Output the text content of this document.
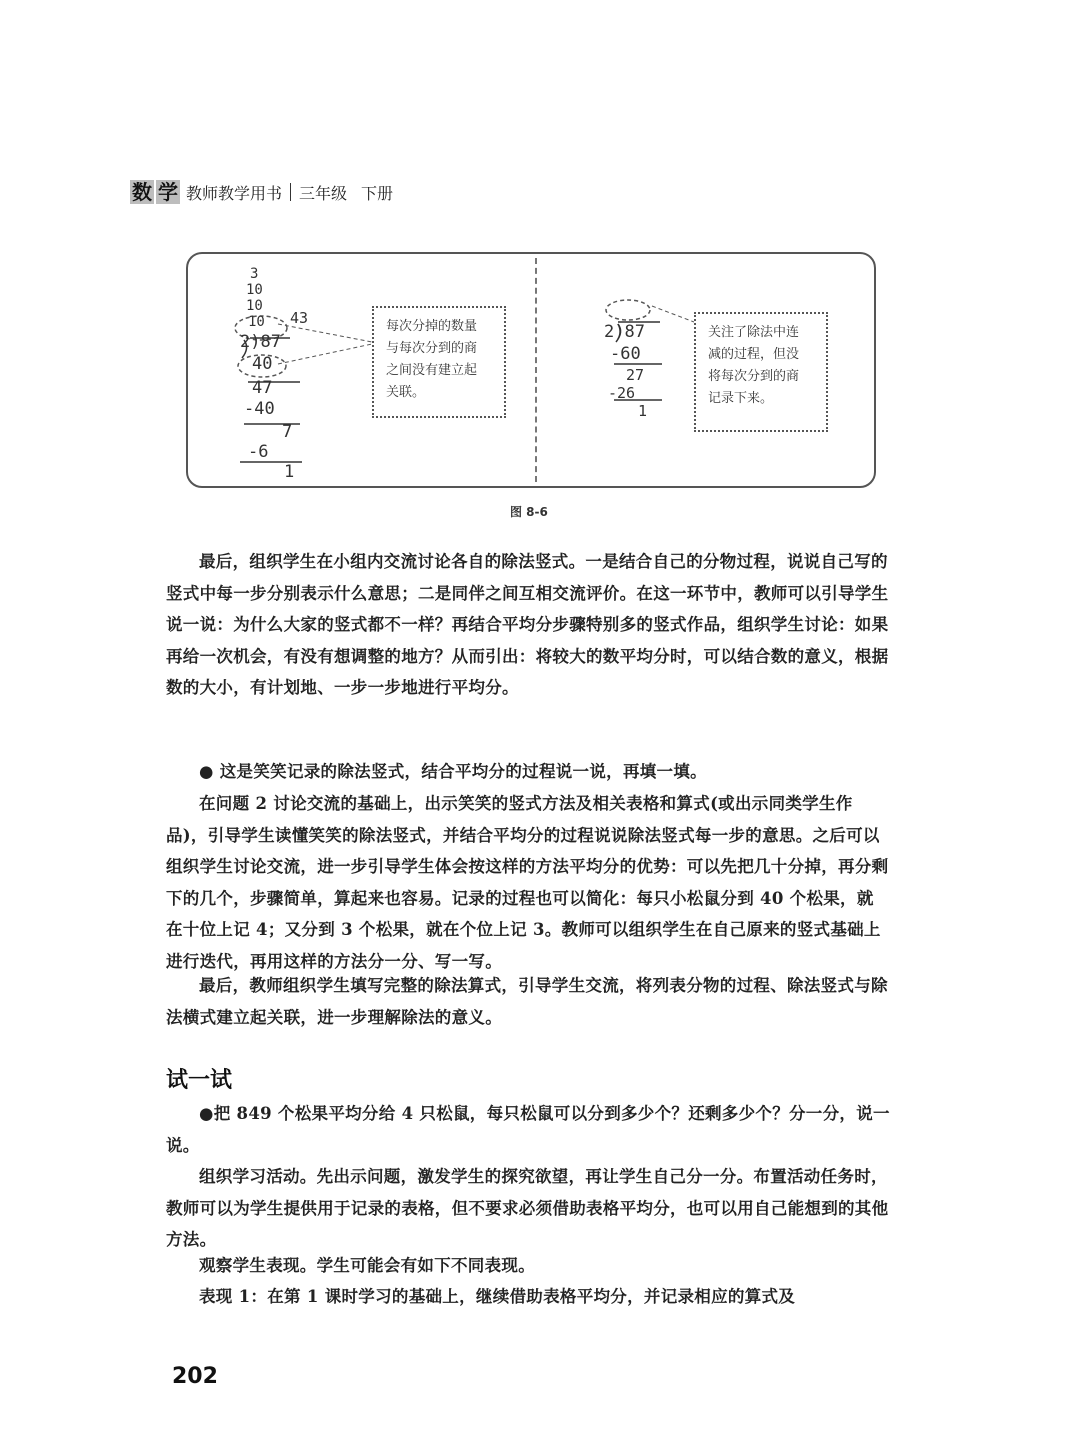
数 学 教师教学用书 三年级 下册
3
10
10
10 43
2)87
40
47
-40
7
-6
1
每次分掉的数量
与每次分到的商
之间没有建立起
关联。
2)87
-60
27
-26
1
关注了除法中连
减的过程，但没
将每次分到的商
记录下来。
图 8-6

最后，组织学生在小组内交流讨论各自的除法竖式。一是结合自己的分物过程，说说自己写的竖式中每一步分别表示什么意思；二是同伴之间互相交流评价。在这一环节中，教师可以引导学生说一说：为什么大家的竖式都不一样？再结合平均分步骤特别多的竖式作品，组织学生讨论：如果再给一次机会，有没有想调整的地方？从而引出：将较大的数平均分时，可以结合数的意义，根据数的大小，有计划地、一步一步地进行平均分。

● 这是笑笑记录的除法竖式，结合平均分的过程说一说，再填一填。

在问题 2 讨论交流的基础上，出示笑笑的竖式方法及相关表格和算式(或出示同类学生作品)，引导学生读懂笑笑的除法竖式，并结合平均分的过程说说除法竖式每一步的意思。之后可以组织学生讨论交流，进一步引导学生体会按这样的方法平均分的优势：可以先把几十分掉，再分剩下的几个，步骤简单，算起来也容易。记录的过程也可以简化：每只小松鼠分到 40 个松果，就在十位上记 4；又分到 3 个松果，就在个位上记 3。教师可以组织学生在自己原来的竖式基础上进行迭代，再用这样的方法分一分、写一写。

最后，教师组织学生填写完整的除法算式，引导学生交流，将列表分物的过程、除法竖式与除法横式建立起关联，进一步理解除法的意义。

试一试

●把 849 个松果平均分给 4 只松鼠，每只松鼠可以分到多少个？还剩多少个？分一分，说一说。

组织学习活动。先出示问题，激发学生的探究欲望，再让学生自己分一分。布置活动任务时，教师可以为学生提供用于记录的表格，但不要求必须借助表格平均分，也可以用自己能想到的其他方法。

观察学生表现。学生可能会有如下不同表现。

表现 1：在第 1 课时学习的基础上，继续借助表格平均分，并记录相应的算式及

202
